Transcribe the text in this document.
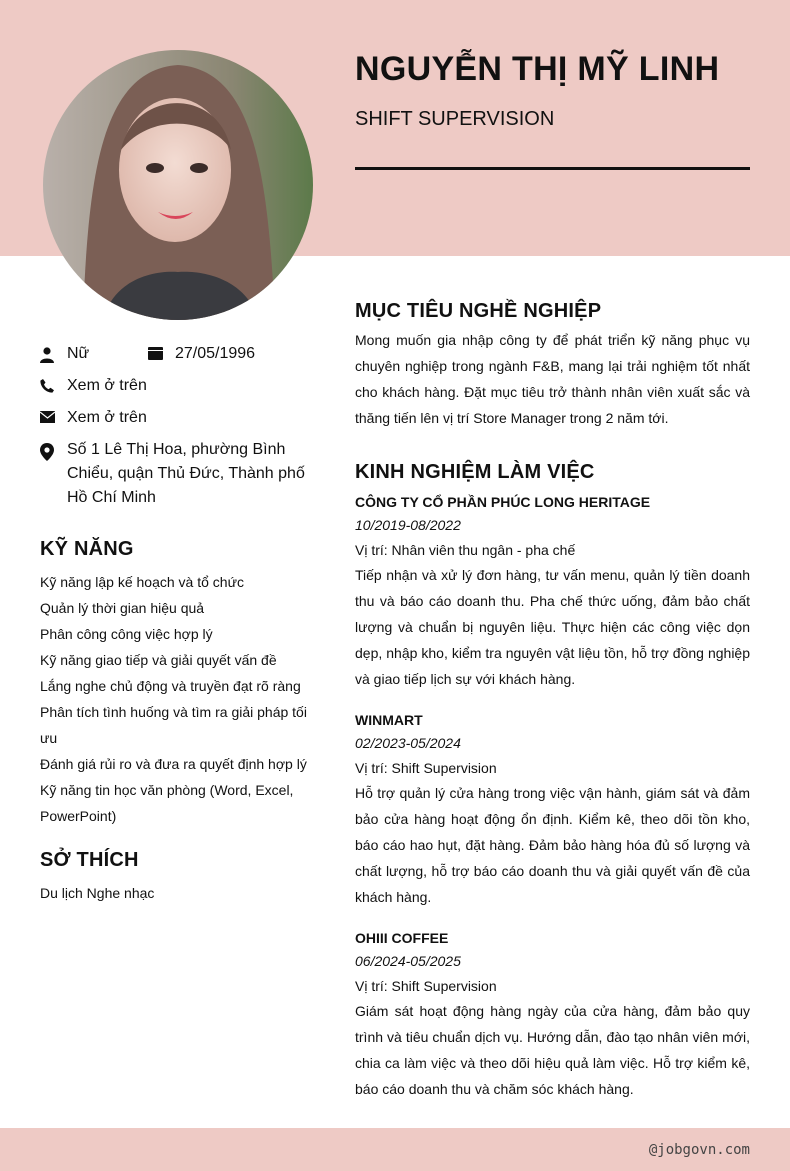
NGUYỄN THỊ MỸ LINH
SHIFT SUPERVISION
Nữ	27/05/1996
Xem ở trên
Xem ở trên
Số 1 Lê Thị Hoa, phường Bình Chiểu, quận Thủ Đức, Thành phố Hồ Chí Minh
KỸ NĂNG
Kỹ năng lập kế hoạch và tổ chức
Quản lý thời gian hiệu quả
Phân công công việc hợp lý
Kỹ năng giao tiếp và giải quyết vấn đề
Lắng nghe chủ động và truyền đạt rõ ràng
Phân tích tình huống và tìm ra giải pháp tối ưu
Đánh giá rủi ro và đưa ra quyết định hợp lý
Kỹ năng tin học văn phòng (Word, Excel, PowerPoint)
SỞ THÍCH
Du lịch Nghe nhạc
MỤC TIÊU NGHỀ NGHIỆP
Mong muốn gia nhập công ty để phát triển kỹ năng phục vụ chuyên nghiệp trong ngành F&B, mang lại trải nghiệm tốt nhất cho khách hàng. Đặt mục tiêu trở thành nhân viên xuất sắc và thăng tiến lên vị trí Store Manager trong 2 năm tới.
KINH NGHIỆM LÀM VIỆC
CÔNG TY CỔ PHẦN PHÚC LONG HERITAGE
10/2019-08/2022
Vị trí: Nhân viên thu ngân - pha chế
Tiếp nhận và xử lý đơn hàng, tư vấn menu, quản lý tiền doanh thu và báo cáo doanh thu. Pha chế thức uống, đảm bảo chất lượng và chuẩn bị nguyên liệu. Thực hiện các công việc dọn dẹp, nhập kho, kiểm tra nguyên vật liệu tồn, hỗ trợ đồng nghiệp và giao tiếp lịch sự với khách hàng.
WINMART
02/2023-05/2024
Vị trí: Shift Supervision
Hỗ trợ quản lý cửa hàng trong việc vận hành, giám sát và đảm bảo cửa hàng hoạt động ổn định. Kiểm kê, theo dõi tồn kho, báo cáo hao hụt, đặt hàng. Đảm bảo hàng hóa đủ số lượng và chất lượng, hỗ trợ báo cáo doanh thu và giải quyết vấn đề của khách hàng.
OHIII COFFEE
06/2024-05/2025
Vị trí: Shift Supervision
Giám sát hoạt động hàng ngày của cửa hàng, đảm bảo quy trình và tiêu chuẩn dịch vụ. Hướng dẫn, đào tạo nhân viên mới, chia ca làm việc và theo dõi hiệu quả làm việc. Hỗ trợ kiểm kê, báo cáo doanh thu và chăm sóc khách hàng.
@jobgovn.com
